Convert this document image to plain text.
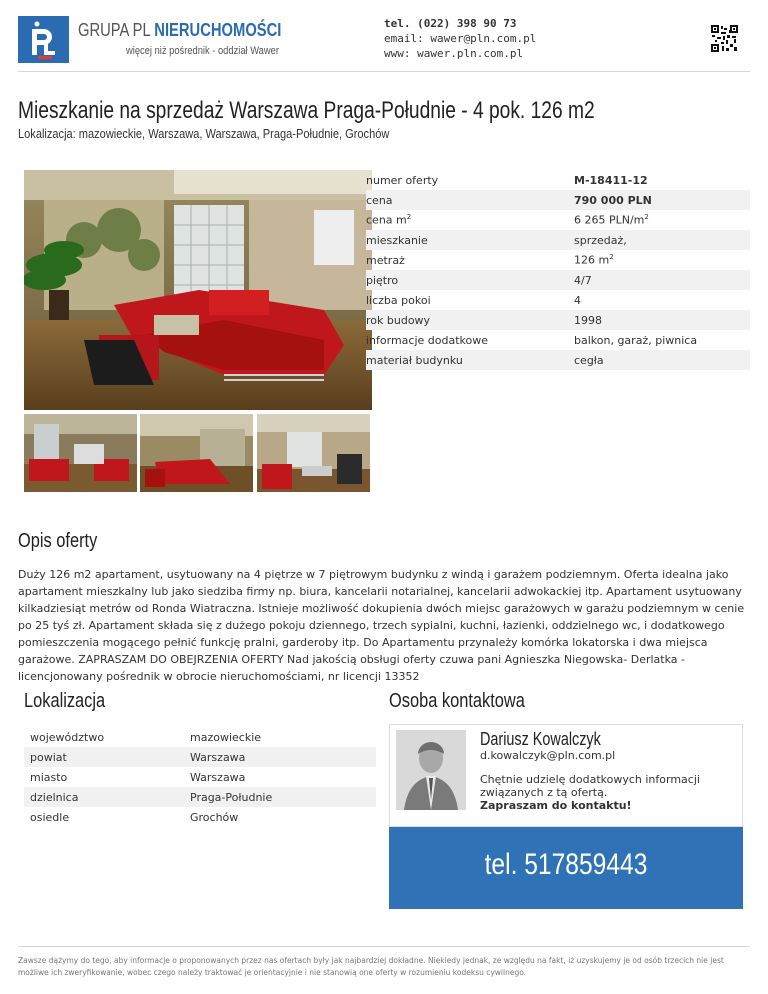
GRUPA PL NIERUCHOMOŚCI
więcej niż pośrednik - oddział Wawer
tel. (022) 398 90 73
email: wawer@pln.com.pl
www: wawer.pln.com.pl
Mieszkanie na sprzedaż Warszawa Praga-Południe - 4 pok. 126 m2
Lokalizacja: mazowieckie, Warszawa, Warszawa, Praga-Południe, Grochów
numer oferty	M-18411-12
cena	790 000 PLN
cena $m^2$	6 265 PLN/$m^2$
mieszkanie	sprzedaż,
metraż	126 $m^2$
piętro	4/7
liczba pokoi	4
rok budowy	1998
informacje dodatkowe	balkon, garaż, piwnica
materiał budynku	cegła
Opis oferty
Duży 126 m2 apartament, usytuowany na 4 piętrze w 7 piętrowym budynku z windą i garażem podziemnym. Oferta idealna jako apartament mieszkalny lub jako siedziba firmy np. biura, kancelarii notarialnej, kancelarii adwokackiej itp. Apartament usytuowany kilkadziesiąt metrów od Ronda Wiatraczna. Istnieje możliwość dokupienia dwóch miejsc garażowych w garażu podziemnym w cenie po 25 tyś zł. Apartament składa się z dużego pokoju dziennego, trzech sypialni, kuchni, łazienki, oddzielnego wc, i dodatkowego pomieszczenia mogącego pełnić funkcję pralni, garderoby itp. Do Apartamentu przynależy komórka lokatorska i dwa miejsca garażowe. ZAPRASZAM DO OBEJRZENIA OFERTY Nad jakością obsługi oferty czuwa pani Agnieszka Niegowska- Derlatka - licencjonowany pośrednik w obrocie nieruchomościami, nr licencji 13352
Lokalizacja
województwo	mazowieckie
powiat	Warszawa
miasto	Warszawa
dzielnica	Praga-Południe
osiedle	Grochów
Osoba kontaktowa
Dariusz Kowalczyk
d.kowalczyk@pln.com.pl
Chętnie udzielę dodatkowych informacji związanych z tą ofertą.
Zapraszam do kontaktu!
tel. 517859443
Zawsze dążymy do tego, aby informacje o proponowanych przez nas ofertach były jak najbardziej dokładne. Niekiedy jednak, ze względu na fakt, iż uzyskujemy je od osób trzecich nie jest możliwe ich zweryfikowanie, wobec czego należy traktować je orientacyjnie i nie stanowią one oferty w rozumieniu kodeksu cywilnego.
